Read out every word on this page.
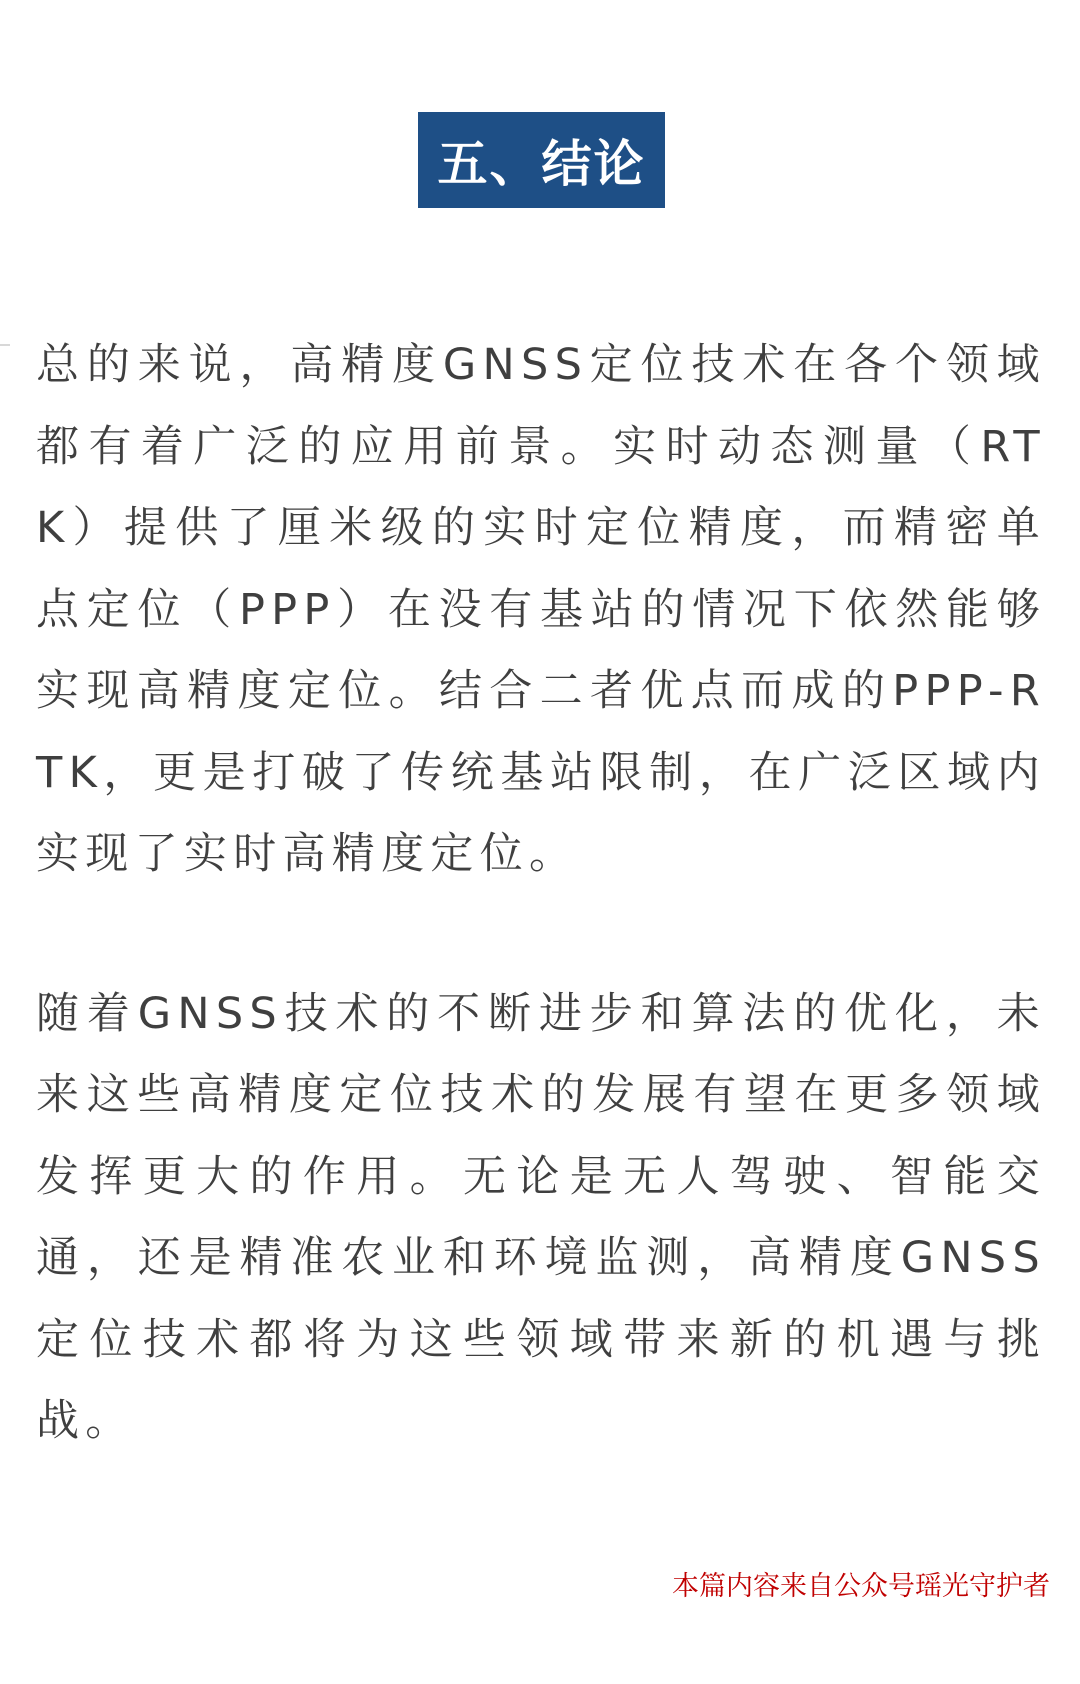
五、结论

总的来说，高精度GNSS定位技术在各个领域都有着广泛的应用前景。实时动态测量（RTK）提供了厘米级的实时定位精度，而精密单点定位（PPP）在没有基站的情况下依然能够实现高精度定位。结合二者优点而成的PPP-RTK，更是打破了传统基站限制，在广泛区域内实现了实时高精度定位。

随着GNSS技术的不断进步和算法的优化，未来这些高精度定位技术的发展有望在更多领域发挥更大的作用。无论是无人驾驶、智能交通，还是精准农业和环境监测，高精度GNSS定位技术都将为这些领域带来新的机遇与挑战。

本篇内容来自公众号瑶光守护者
